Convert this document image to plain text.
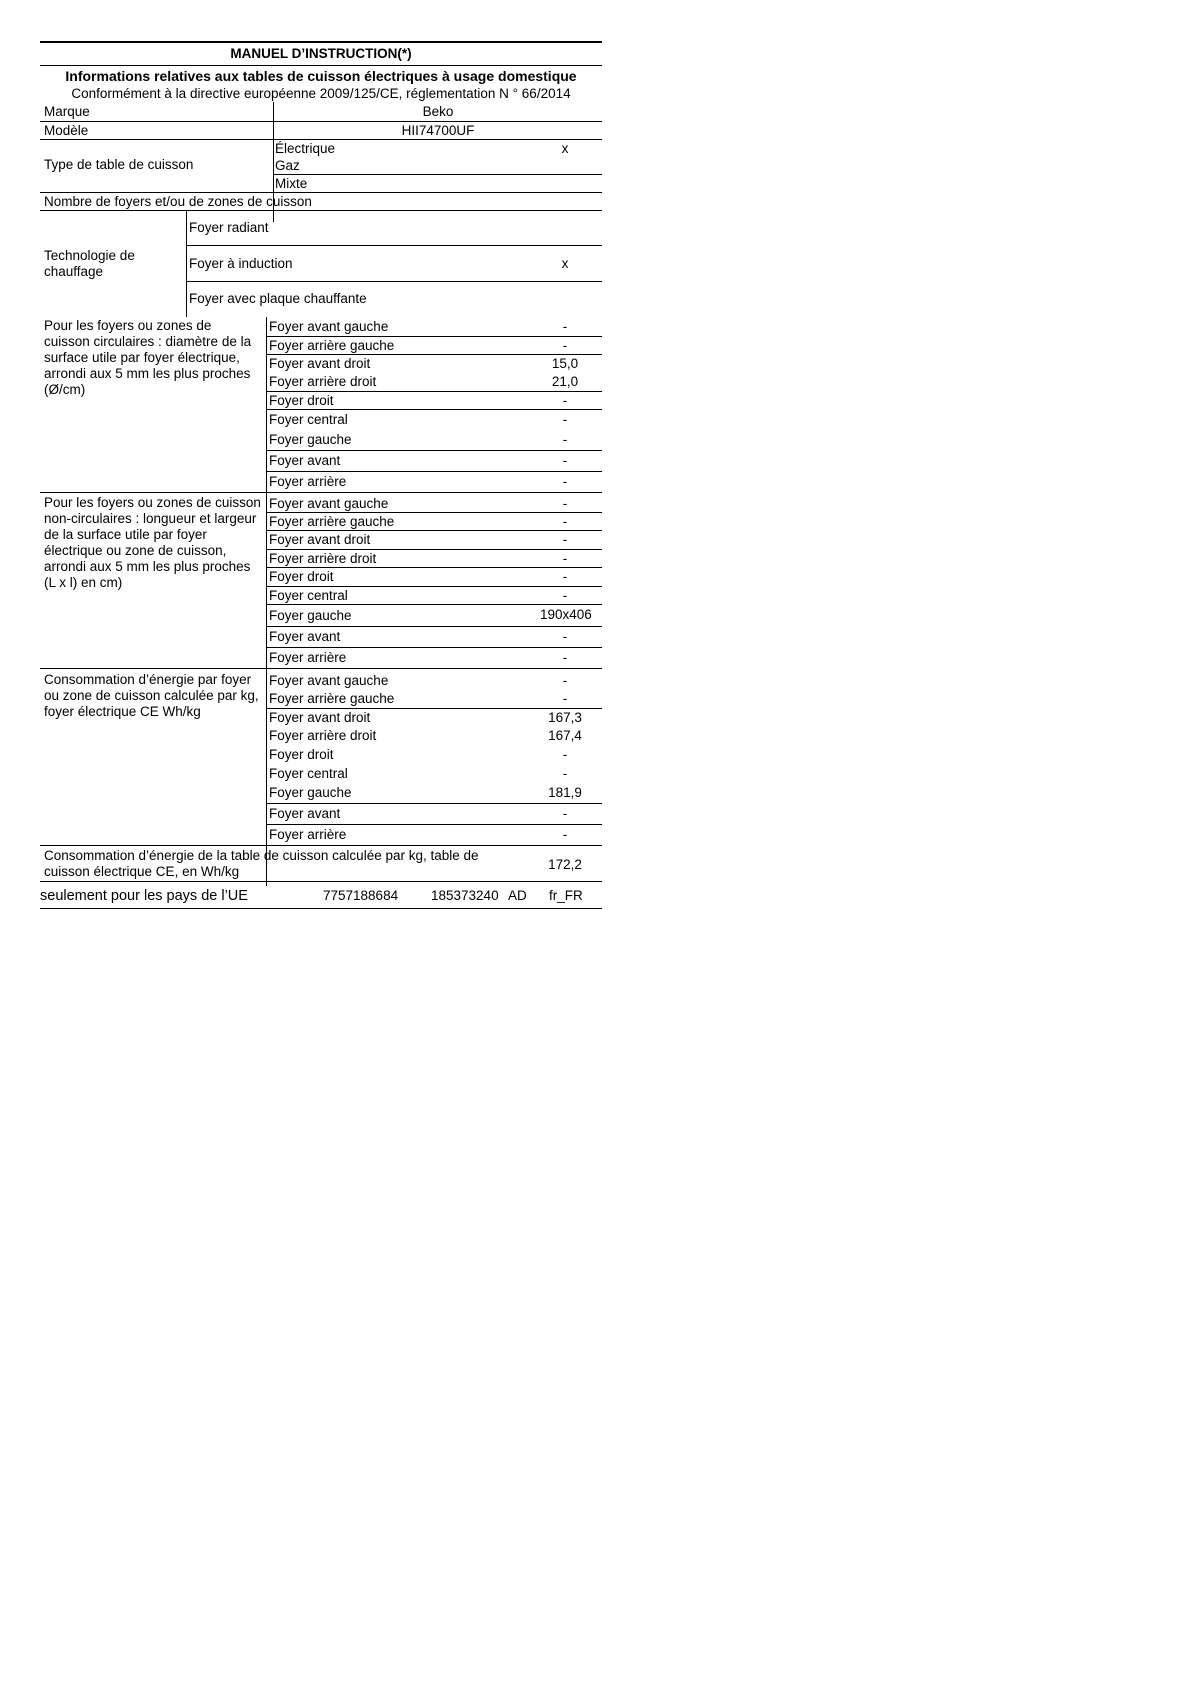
MANUEL D’INSTRUCTION(*)
Informations relatives aux tables de cuisson électriques à usage domestique
Conformément à la directive européenne 2009/125/CE, réglementation N ° 66/2014
Marque	Beko
Modèle	HII74700UF
Type de table de cuisson
Électrique	x
Gaz
Mixte
Nombre de foyers et/ou de zones de cuisson
Technologie de chauffage
Foyer radiant
Foyer à induction	x
Foyer avec plaque chauffante
Pour les foyers ou zones de cuisson circulaires : diamètre de la surface utile par foyer électrique, arrondi aux 5 mm les plus proches (Ø/cm)
Foyer avant gauche	-
Foyer arrière gauche	-
Foyer avant droit	15,0
Foyer arrière droit	21,0
Foyer droit	-
Foyer central	-
Foyer gauche	-
Foyer avant	-
Foyer arrière	-
Pour les foyers ou zones de cuisson non-circulaires : longueur et largeur de la surface utile par foyer électrique ou zone de cuisson, arrondi aux 5 mm les plus proches (L x l) en cm)
Foyer avant gauche	-
Foyer arrière gauche	-
Foyer avant droit	-
Foyer arrière droit	-
Foyer droit	-
Foyer central	-
Foyer gauche	190x406
Foyer avant	-
Foyer arrière	-
Consommation d’énergie par foyer ou zone de cuisson calculée par kg, foyer électrique CE Wh/kg
Foyer avant gauche	-
Foyer arrière gauche	-
Foyer avant droit	167,3
Foyer arrière droit	167,4
Foyer droit	-
Foyer central	-
Foyer gauche	181,9
Foyer avant	-
Foyer arrière	-
Consommation d’énergie de la table de cuisson calculée par kg, table de cuisson électrique CE, en Wh/kg	172,2
seulement pour les pays de l’UE	7757188684 185373240 AD fr_FR
